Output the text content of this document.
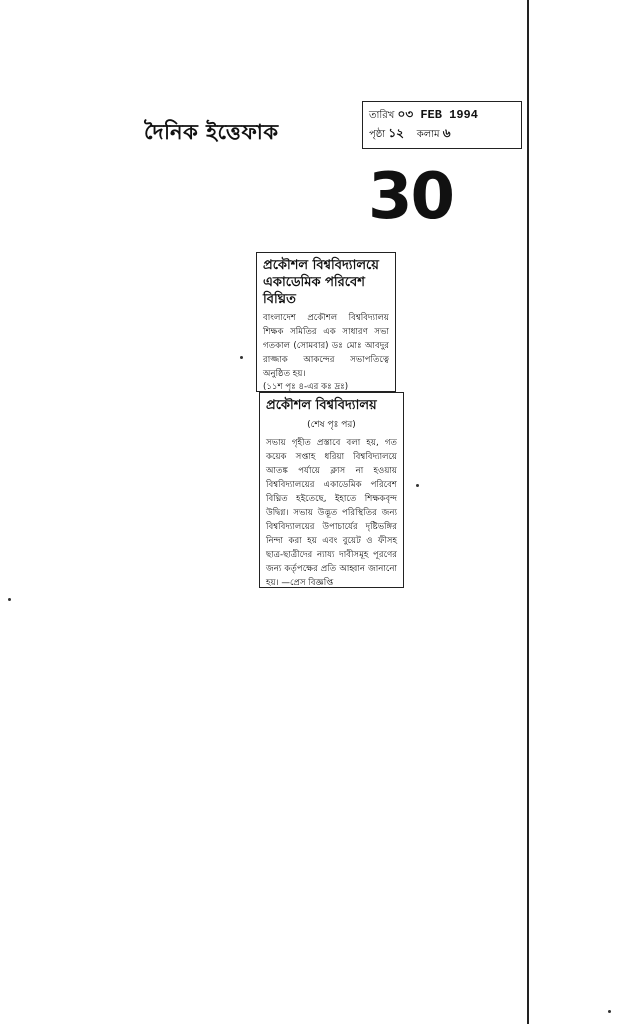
দৈনিক ইত্তেফাক
তারিখ ০৩ FEB 1994
পৃষ্ঠা ১২ কলাম ৬
30
প্রকৌশল বিশ্ববিদ্যালয়ে একাডেমিক পরিবেশ বিঘ্নিত
বাংলাদেশ প্রকৌশল বিশ্ববিদ্যালয় শিক্ষক সমিতির এক সাধারণ সভা গতকাল (সোমবার) ডঃ মোঃ আবদুর রাজ্জাক আকন্দের সভাপতিত্বে অনুষ্ঠিত হয়।
(১১শ পৃঃ ৪-এর কঃ দ্রঃ)
প্রকৌশল বিশ্ববিদ্যালয়
(শেষ পৃঃ পর)
সভায় গৃহীত প্রস্তাবে বলা হয়, গত কয়েক সপ্তাহ ধরিয়া বিশ্ববিদ্যালয়ে আতঙ্ক পর্যায়ে ক্লাস না হওয়ায় বিশ্ববিদ্যালয়ের একাডেমিক পরিবেশ বিঘ্নিত হইতেছে, ইহাতে শিক্ষকবৃন্দ উদ্বিগ্ন। সভায় উদ্ভূত পরিস্থিতির জন্য বিশ্ববিদ্যালয়ের উপাচার্যের দৃষ্টিভঙ্গির নিন্দা করা হয় এবং বুয়েট ও ফীসহ ছাত্র-ছাত্রীদের ন্যায্য দাবীসমূহ পূরণের জন্য কর্তৃপক্ষের প্রতি আহ্বান জানানো হয়। —প্রেস বিজ্ঞপ্তি
